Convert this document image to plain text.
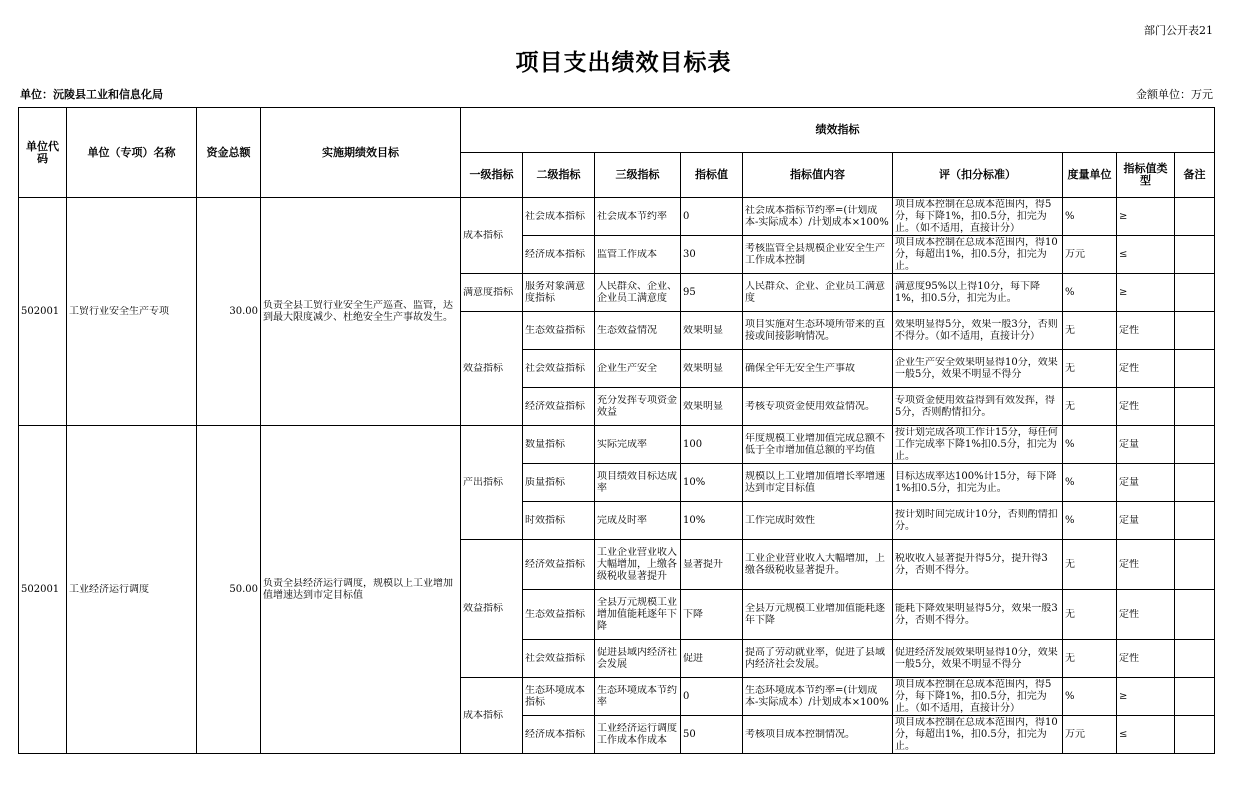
部门公开表21
项目支出绩效目标表
单位：沅陵县工业和信息化局	金额单位：万元
单位代码	单位（专项）名称	资金总额	实施期绩效目标	绩效指标								
				一级指标	二级指标	三级指标	指标值	指标值内容	评（扣分标准）	度量单位	指标值类型	备注

502001	工贸行业安全生产专项	30.00	负责全县工贸行业安全生产巡查、监管，达到最大限度减少、杜绝安全生产事故发生。	成本指标	社会成本指标	社会成本节约率	0	社会成本指标节约率=(计划成本-实际成本）/计划成本×100%	项目成本控制在总成本范围内，得5分，每下降1%，扣0.5分，扣完为止。（如不适用，直接计分）	%	≥	

					经济成本指标	监管工作成本	30	考核监管全县规模企业安全生产工作成本控制	项目成本控制在总成本范围内，得10分，每超出1%，扣0.5分，扣完为止。	万元	≤	

				满意度指标	服务对象满意度指标	人民群众、企业、企业员工满意度	95	人民群众、企业、企业员工满意度	满意度95%以上得10分，每下降1%，扣0.5分，扣完为止。	%	≥	

				效益指标	生态效益指标	生态效益情况	效果明显	项目实施对生态环境所带来的直接或间接影响情况。	效果明显得5分，效果一般3分，否则不得分。（如不适用，直接计分）	无	定性	

					社会效益指标	企业生产安全	效果明显	确保全年无安全生产事故	企业生产安全效果明显得10分，效果一般5分，效果不明显不得分	无	定性	

					经济效益指标	充分发挥专项资金效益	效果明显	考核专项资金使用效益情况。	专项资金使用效益得到有效发挥，得5分，否则酌情扣分。	无	定性	

502001	工业经济运行调度	50.00	负责全县经济运行调度，规模以上工业增加值增速达到市定目标值	产出指标	数量指标	实际完成率	100	年度规模工业增加值完成总额不低于全市增加值总额的平均值	按计划完成各项工作计15分，每任何工作完成率下降1%扣0.5分，扣完为止。	%	定量	

					质量指标	项目绩效目标达成率	10%	规模以上工业增加值增长率增速达到市定目标值	目标达成率达100%计15分，每下降1%扣0.5分，扣完为止。	%	定量	

					时效指标	完成及时率	10%	工作完成时效性	按计划时间完成计10分，否则酌情扣分。	%	定量	

				效益指标	经济效益指标	工业企业营业收入大幅增加，上缴各级税收显著提升	显著提升	工业企业营业收入大幅增加，上缴各级税收显著提升。	税收收入显著提升得5分，提升得3分，否则不得分。	无	定性	

					生态效益指标	全县万元规模工业增加值能耗逐年下降	下降	全县万元规模工业增加值能耗逐年下降	能耗下降效果明显得5分，效果一般3分，否则不得分。	无	定性	

					社会效益指标	促进县域内经济社会发展	促进	提高了劳动就业率，促进了县域内经济社会发展。	促进经济发展效果明显得10分，效果一般5分，效果不明显不得分	无	定性	

				成本指标	生态环境成本指标	生态环境成本节约率	0	生态环境成本节约率=(计划成本-实际成本）/计划成本×100%	项目成本控制在总成本范围内，得5分，每下降1%，扣0.5分，扣完为止。（如不适用，直接计分）	%	≥	

					经济成本指标	工业经济运行调度工作成本作成本	50	考核项目成本控制情况。	项目成本控制在总成本范围内，得10分，每超出1%，扣0.5分，扣完为止。	万元	≤	
